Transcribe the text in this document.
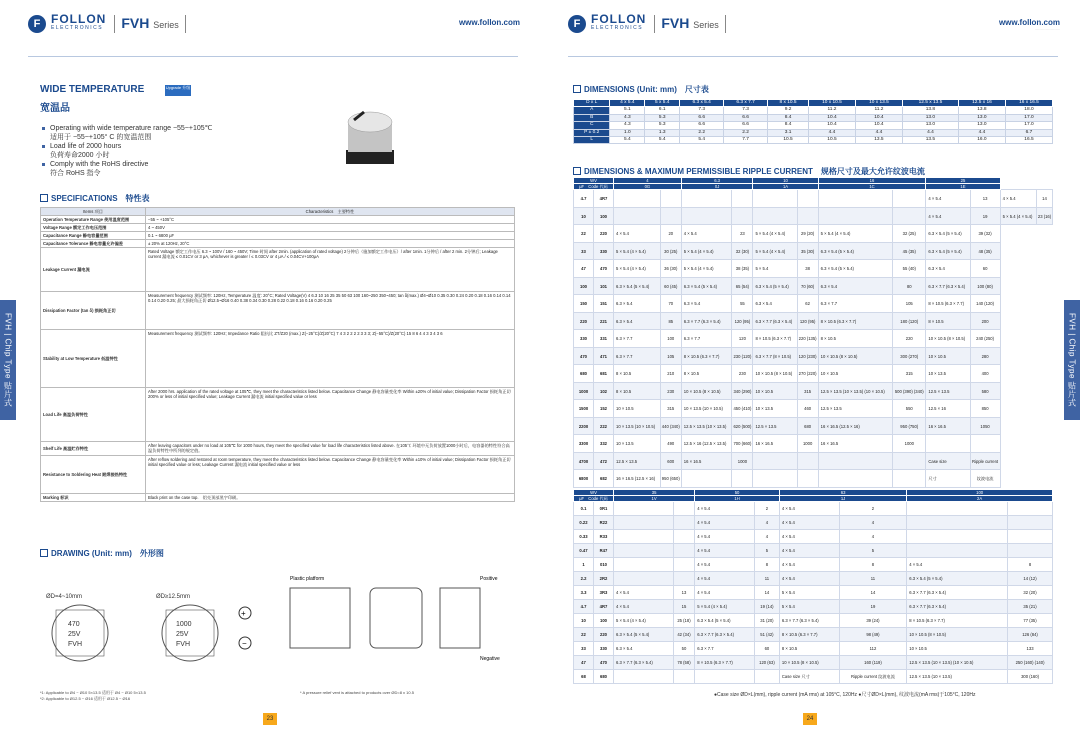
F FOLLON
ELECTRONICS	FVH Series	www.follon.com
..............................
FVH | Chip Type 贴片式
WIDE TEMPERATURE	Upgrade 升级
宽温品
Operating with wide temperature range −55~+105℃
适用于 −55~+105° C 的宽温范围
Load life of 2000 hours
负荷寿命2000 小时
Comply with the RoHS directive
符合 RoHS 指令
SPECIFICATIONS　特性表
Items 项目	Characteristics　主要特性
Operation Temperature Range 使用温度范围	−55 ~ +105°C
Voltage Range 额定工作电压范围	4 ~ 450V
Capacitance Range 静电容量范围	0.1 ~ 6800 μF
Capacitance Tolerance 静电容量允许偏差	± 20% at 120Hz, 20°C
Leakage Current 漏电流	Rated Voltage 额定工作电压 6.3 ~ 100V / 160 ~ 450V; Time 时间 after 2min. (application of rated voltage) 2分钟后（施加额定工作电压）/ after 1min. 1分钟后 / after 2 min. 2分钟后; Leakage current 漏电流 ≤ 0.01CV or 3 μA, whichever is greater / ≤ 0.03CV or 4 μA / ≤ 0.04CV+100μA
Dissipation Factor (tan δ) 损耗角正切	Measurement frequency 测试频率: 120Hz, Temperature 温度: 20°C; Rated Voltage(V) 4 6.3 10 16 25 35 50 63 100 160~250 350~450; tan δ(max.) Ø4~Ø10 0.35 0.30 0.24 0.20 0.18 0.16 0.14 0.14 0.14 0.20 0.25; 最大损耗角正切 Ø12.5~Ø16 0.40 0.38 0.34 0.30 0.28 0.22 0.18 0.16 0.16 0.20 0.25
Stability at Low Temperature 低温特性	Measurement frequency 测试频率: 120Hz; Impedance Ratio 阻抗比 ZT/Z20 (max.) Z(−25°C)/Z(20°C) 7 4 3 2 2 2 2 3 3 3; Z(−55°C)/Z(20°C) 15 8 6 4 4 3 3 4 3 6
Load Life 高温负荷特性	After 2000 hrs. application of the rated voltage at 105℃, they meet the characteristics listed below. Capacitance Change 静电容量变化率 Within ±20% of initial value; Dissipation Factor 损耗角正切 200% or less of initial specified value; Leakage Current 漏电流 initial specified value or less
Shelf Life 高温贮存特性	After leaving capacitors under no load at 105℃ for 1000 hours, they meet the specified value for load life characteristics listed above. 在105℃ 环境中无负荷放置1000小时后，电容器的特性符合高温负荷特性中所列的规定值。
Resistance to Soldering Heat 耐焊接热特性	After reflow soldering and restored at room temperature, they meet the characteristics listed below. Capacitance Change 静电容量变化率 Within ±10% of initial value; Dissipation Factor 损耗角正切 initial specified value or less; Leakage Current 漏电流 initial specified value or less
Marking 标识	Black print on the case top.　铝壳顶部黑字印刷。
DRAWING (Unit: mm)　外形图
ØD=4~10mm	ØD≥12.5mm
470
25V
FVH
1000
25V
FVH
+
−
Plastic platform	Positive
Negative
*1: Applicable to Ø4 ~ Ø10 5×13.5 适用于 Ø4 ~ Ø10 5×13.5
*2: Applicable to Ø12.5 ~ Ø16 适用于 Ø12.5 ~ Ø16
* A pressure relief vent is attached to products over ØD=8 x 10.5
23
F FOLLON
ELECTRONICS	FVH Series	www.follon.com
..............................
FVH | Chip Type 贴片式
DIMENSIONS (Unit: mm)　尺寸表
D x L	4 x 5.4	5 x 5.4	6.3 x 5.4	6.3 x 7.7	8 x 10.5	10 x 10.5	10 x 13.5	12.5 x 13.5	12.5 x 16	16 x 16.5
A	5.1	6.1	7.3	7.3	9.2	11.2	11.2	13.8	13.8	18.0
B	4.3	5.3	6.6	6.6	8.4	10.4	10.4	13.0	13.0	17.0
C	4.3	5.3	6.6	6.6	8.4	10.4	10.4	13.0	13.0	17.0
P ± 0.2	1.0	1.3	2.2	2.2	3.1	4.4	4.4	4.4	4.4	6.7
L	5.4	5.4	5.4	7.7	10.5	10.5	13.5	13.5	16.0	16.5
DIMENSIONS & MAXIMUM PERMISSIBLE RIPPLE CURRENT　规格尺寸及最大允许纹波电流
WV		4		6.3		10		16		25			
μF　Code 代码		0G		0J		1A		1C		1E			
4.7	4R7									4 × 5.4	13	4 × 5.4	14
10	100									4 × 5.4	19	5 × 5.4 (4 × 5.4)	23 (16)
22	220	4 × 5.4	20	4 × 5.4	23	5 × 5.4 (4 × 5.4)	29 (20)	5 × 5.4 (4 × 5.4)	32 (25)	6.3 × 5.4 (5 × 5.4)	39 (32)		
33	330	5 × 5.4 (4 × 5.4)	30 (25)	5 × 5.4 (4 × 5.4)	32 (30)	5 × 5.4 (4 × 5.4)	35 (30)	6.3 × 5.4 (5 × 5.4)	45 (35)	6.3 × 5.4 (5 × 5.4)	48 (35)		
47	470	5 × 5.4 (4 × 5.4)	36 (30)	5 × 5.4 (4 × 5.4)	38 (35)	5 × 5.4	38	6.3 × 5.4 (5 × 5.4)	55 (40)	6.3 × 5.4	60		
100	101	6.3 × 5.4 (5 × 5.4)	60 (45)	6.3 × 5.4 (5 × 5.4)	65 (54)	6.3 × 5.4 (5 × 5.4)	70 (60)	6.3 × 5.4	80	6.3 × 7.7 (6.3 × 5.4)	100 (80)		
150	151	6.3 × 5.4	70	6.3 × 5.4	55	6.3 × 5.4	62	6.3 × 7.7	105	8 × 10.5 (6.3 × 7.7)	140 (120)		
220	221	6.3 × 5.4	85	6.3 × 7.7 (6.3 × 5.4)	120 (95)	6.3 × 7.7 (6.3 × 5.4)	120 (95)	8 × 10.5 (6.3 × 7.7)	180 (120)	8 × 10.5	200		
330	331	6.3 × 7.7	100	6.3 × 7.7	120	8 × 10.5 (6.3 × 7.7)	220 (135)	8 × 10.5	220	10 × 10.5 (8 × 10.5)	240 (250)		
470	471	6.3 × 7.7	105	8 × 10.5 (6.3 × 7.7)	230 (120)	6.3 × 7.7 (8 × 10.5)	120 (230)	10 × 10.5 (8 × 10.5)	300 (270)	10 × 10.5	280		
680	681	8 × 10.5	210	8 × 10.5	230	10 × 10.5 (8 × 10.5)	270 (220)	10 × 10.5	315	10 × 13.5	400		
1000	102	8 × 10.5	230	10 × 10.5 (8 × 10.5)	340 (290)	10 × 10.5	315	12.5 × 13.5 (10 × 13.5) (10 × 10.5)	500 (390) (340)	12.5 × 13.5	580		
1500	152	10 × 10.5	315	10 × 13.5 (10 × 10.5)	450 (410)	10 × 13.5	460	12.5 × 13.5	550	12.5 × 16	850		
2200	222	10 × 13.5 (10 × 10.5)	440 (340)	12.5 × 13.5 (10 × 13.5)	620 (500)	12.5 × 13.5	680	16 × 16.5 (12.5 × 16)	950 (750)	16 × 16.5	1050		
3300	332	10 × 13.5	490	12.5 × 16 (12.5 × 13.5)	700 (660)	16 × 16.5	1000	16 × 16.5	1000				
4700	472	12.5 × 13.5	600	16 × 16.5	1000					Case size	Ripple current		
6800	682	16 × 16.5 (12.5 × 16)	950 (650)							尺寸	纹波电流		
WV		35		50		63		100	
μF　Code 代码		1V		1H		1J		2A	
0.1	0R1			4 × 5.4	2	4 × 5.4	2		
0.22	R22			4 × 5.4	4	4 × 5.4	4		
0.33	R33			4 × 5.4	4	4 × 5.4	4		
0.47	R47			4 × 5.4	5	4 × 5.4	5		
1	010			4 × 5.4	8	4 × 5.4	8	4 × 5.4	8
2.2	2R2			4 × 5.4	11	4 × 5.4	11	6.3 × 5.4 (5 × 5.4)	14 (12)
3.3	3R3	4 × 5.4	13	4 × 5.4	14	5 × 5.4	14	6.3 × 7.7 (6.3 × 5.4)	32 (20)
4.7	4R7	4 × 5.4	15	5 × 5.4 (4 × 5.4)	19 (14)	5 × 5.4	19	6.3 × 7.7 (6.3 × 5.4)	35 (21)
10	100	5 × 5.4 (4 × 5.4)	25 (18)	6.3 × 5.4 (5 × 5.4)	31 (20)	6.3 × 7.7 (6.3 × 5.4)	39 (24)	8 × 10.5 (6.3 × 7.7)	77 (35)
22	220	6.3 × 5.4 (5 × 5.4)	42 (34)	6.3 × 7.7 (6.3 × 5.4)	51 (42)	8 × 10.5 (6.3 × 7.7)	98 (49)	10 × 10.5 (8 × 10.5)	126 (84)
33	330	6.3 × 5.4	50	6.3 × 7.7	60	8 × 10.5	112	10 × 10.5	133
47	470	6.3 × 7.7 (6.3 × 5.4)	78 (58)	8 × 10.5 (6.3 × 7.7)	120 (63)	10 × 10.5 (8 × 10.5)	160 (119)	12.5 × 13.5 (10 × 13.5) (10 × 10.5)	250 (160) (140)
68	680					Case size 尺寸	Ripple current 纹波电流	12.5 × 13.5 (10 × 13.5)	300 (160)
●Case size ØD×L(mm), ripple current (mA rms) at 105°C, 120Hz ●尺寸ØD×L(mm), 纹波电流(mA rms)于105°C, 120Hz
24
